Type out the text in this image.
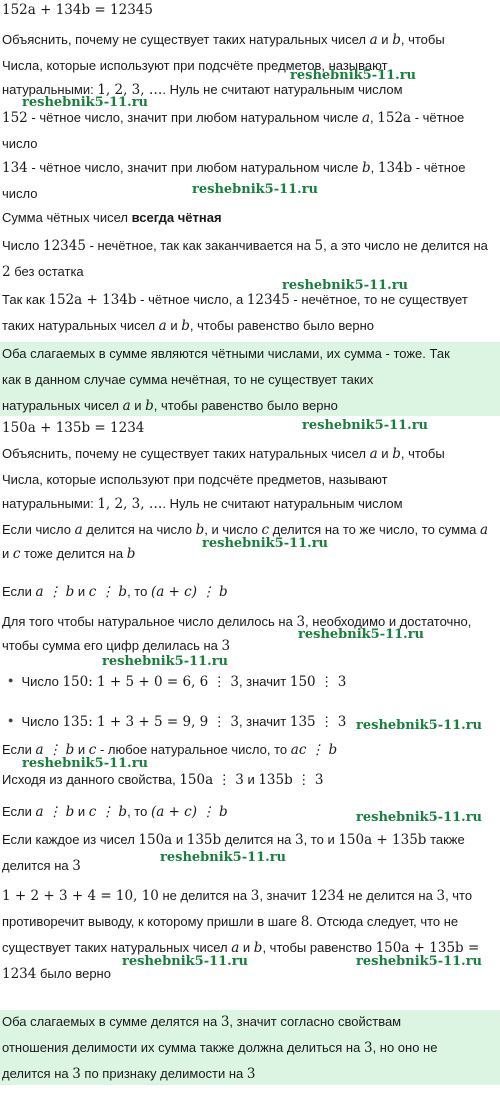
152a + 134b = 12345
Объяснить, почему не существует таких натуральных чисел a и b, чтобы
Числа, которые используют при подсчёте предметов, называют
натуральными: 1, 2, 3, …. Нуль не считают натуральным числом
152 - чётное число, значит при любом натуральном числе a, 152a - чётное
число
134 - чётное число, значит при любом натуральном числе b, 134b - чётное
число
Сумма чётных чисел всегда чётная
Число 12345 - нечётное, так как заканчивается на 5, а это число не делится на
2 без остатка
Так как 152a + 134b - чётное число, а 12345 - нечётное, то не существует
таких натуральных чисел a и b, чтобы равенство было верно
Оба слагаемых в сумме являются чётными числами, их сумма - тоже. Так
как в данном случае сумма нечётная, то не существует таких
натуральных чисел a и b, чтобы равенство было верно
150a + 135b = 1234
Объяснить, почему не существует таких натуральных чисел a и b, чтобы
Числа, которые используют при подсчёте предметов, называют
натуральными: 1, 2, 3, …. Нуль не считают натуральным числом
Если число a делится на число b, и число c делится на то же число, то сумма a
и c тоже делится на b
Если a ⋮ b и c ⋮ b, то (a + c) ⋮ b
Для того чтобы натуральное число делилось на 3, необходимо и достаточно,
чтобы сумма его цифр делилась на 3
● Число 150: 1 + 5 + 0 = 6, 6 ⋮ 3, значит 150 ⋮ 3
● Число 135: 1 + 3 + 5 = 9, 9 ⋮ 3, значит 135 ⋮ 3
Если a ⋮ b и c - любое натуральное число, то ac ⋮ b
Исходя из данного свойства, 150a ⋮ 3 и 135b ⋮ 3
Если a ⋮ b и c ⋮ b, то (a + c) ⋮ b
Если каждое из чисел 150a и 135b делится на 3, то и 150a + 135b также
делится на 3
1 + 2 + 3 + 4 = 10, 10 не делится на 3, значит 1234 не делится на 3, что
противоречит выводу, к которому пришли в шаге 8. Отсюда следует, что не
существует таких натуральных чисел a и b, чтобы равенство 150a + 135b =
1234 было верно
Оба слагаемых в сумме делятся на 3, значит согласно свойствам
отношения делимости их сумма также должна делиться на 3, но оно не
делится на 3 по признаку делимости на 3
reshebnik5-11.ru
reshebnik5-11.ru
reshebnik5-11.ru
reshebnik5-11.ru
reshebnik5-11.ru
reshebnik5-11.ru
reshebnik5-11.ru
reshebnik5-11.ru
reshebnik5-11.ru
reshebnik5-11.ru
reshebnik5-11.ru
reshebnik5-11.ru
reshebnik5-11.ru	reshebnik5-11.ru
